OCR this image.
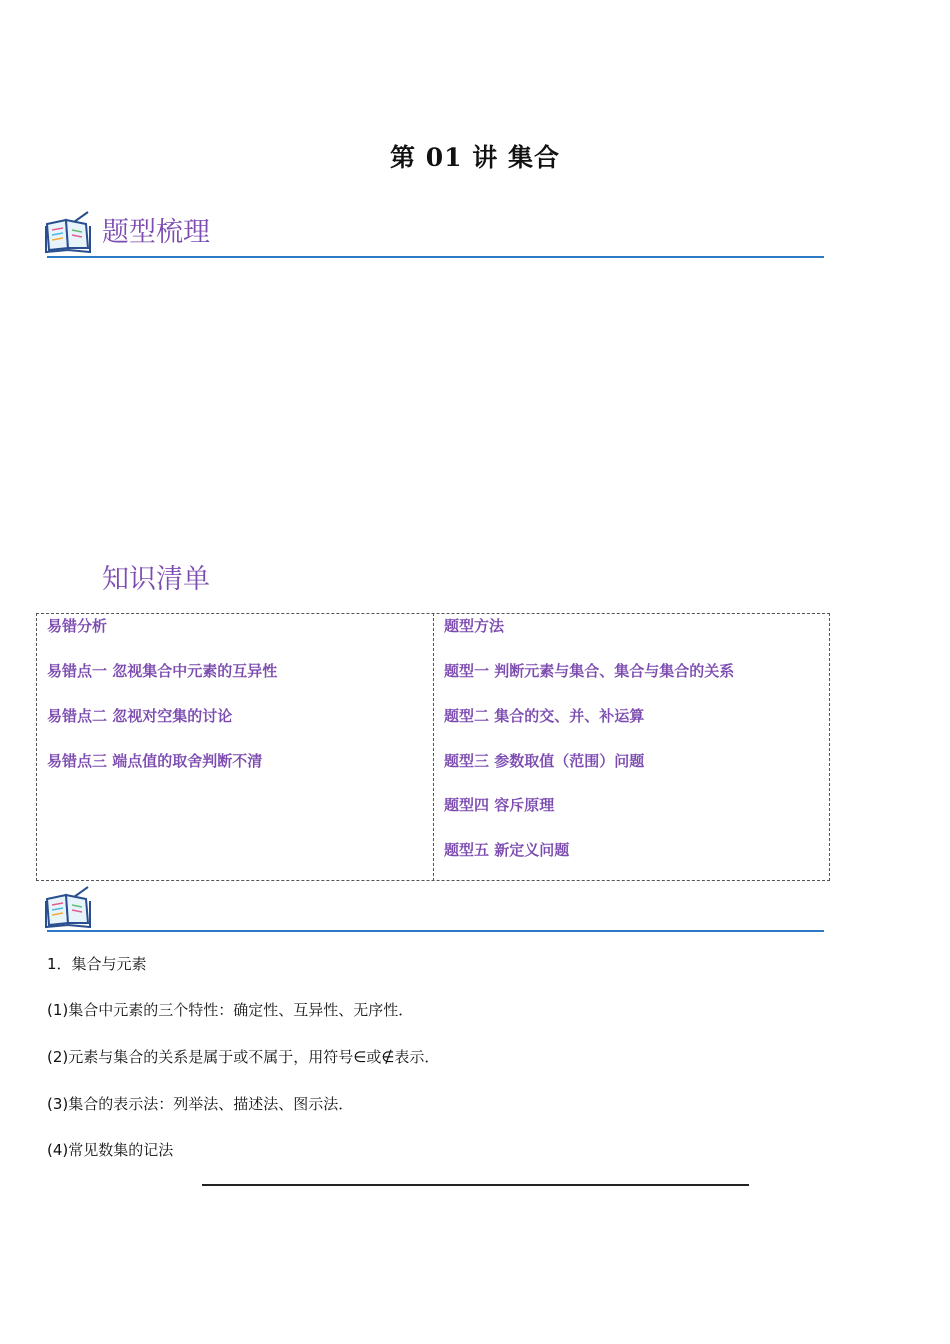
第 01 讲 集合
题型梳理
知识清单
易错分析
易错点一 忽视集合中元素的互异性
易错点二 忽视对空集的讨论
易错点三 端点值的取舍判断不清
题型方法
题型一 判断元素与集合、集合与集合的关系
题型二 集合的交、并、补运算
题型三 参数取值（范围）问题
题型四 容斥原理
题型五 新定义问题
1．集合与元素
(1)集合中元素的三个特性：确定性、互异性、无序性．
(2)元素与集合的关系是属于或不属于，用符号∈或∉表示．
(3)集合的表示法：列举法、描述法、图示法．
(4)常见数集的记法
